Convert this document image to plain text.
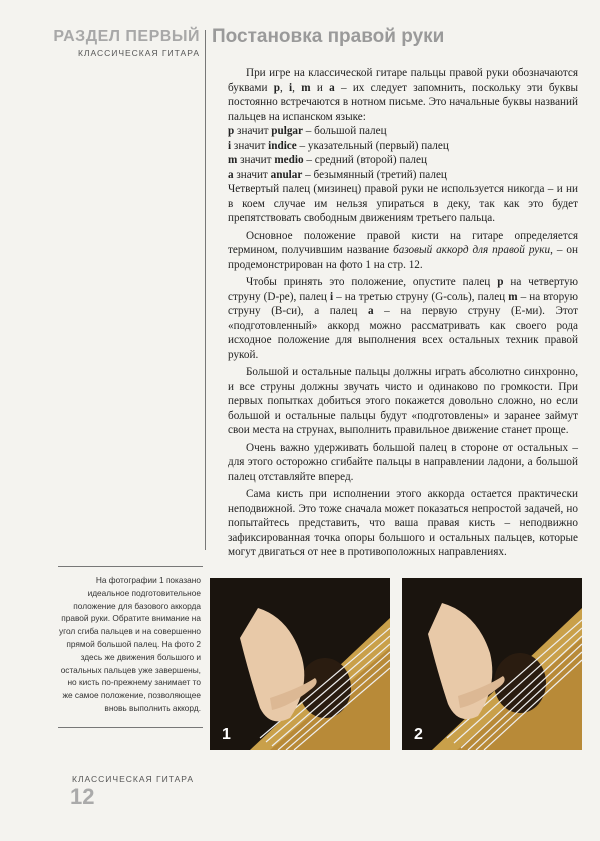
РАЗДЕЛ ПЕРВЫЙ
КЛАССИЧЕСКАЯ ГИТАРА
Постановка правой руки

При игре на классической гитаре пальцы правой руки обозначаются буквами p, i, m и a – их следует запомнить, поскольку эти буквы постоянно встречаются в нотном письме. Это начальные буквы названий пальцев на испанском языке:

p значит pulgar – большой палец
i значит indice – указательный (первый) палец
m значит medio – средний (второй) палец
a значит anular – безымянный (третий) палец

Четвертый палец (мизинец) правой руки не используется никогда – и ни в коем случае им нельзя упираться в деку, так как это будет препятствовать свободным движениям третьего пальца.

Основное положение правой кисти на гитаре определяется термином, получившим название базовый аккорд для правой руки, – он продемонстрирован на фото 1 на стр. 12.

Чтобы принять это положение, опустите палец p на четвертую струну (D-ре), палец i – на третью струну (G-соль), палец m – на вторую струну (B-си), а палец a – на первую струну (E-ми). Этот «подготовленный» аккорд можно рассматривать как своего рода исходное положение для выполнения всех остальных техник правой рукой.

Большой и остальные пальцы должны играть абсолютно синхронно, и все струны должны звучать чисто и одинаково по громкости. При первых попытках добиться этого покажется довольно сложно, но если большой и остальные пальцы будут «подготовлены» и заранее займут свои места на струнах, выполнить правильное движение станет проще.

Очень важно удерживать большой палец в стороне от остальных – для этого осторожно сгибайте пальцы в направлении ладони, а большой палец отставляйте вперед.

Сама кисть при исполнении этого аккорда остается практически неподвижной. Это тоже сначала может показаться непростой задачей, но попытайтесь представить, что ваша правая кисть – неподвижно зафиксированная точка опоры большого и остальных пальцев, которые могут двигаться от нее в противоположных направлениях.

На фотографии 1 показано идеальное подготовительное положение для базового аккорда правой руки. Обратите внимание на угол сгиба пальцев и на совершенно прямой большой палец. На фото 2 здесь же движения большого и остальных пальцев уже завершены, но кисть по-прежнему занимает то же самое положение, позволяющее вновь выполнить аккорд.
1	2
КЛАССИЧЕСКАЯ ГИТАРА
12
